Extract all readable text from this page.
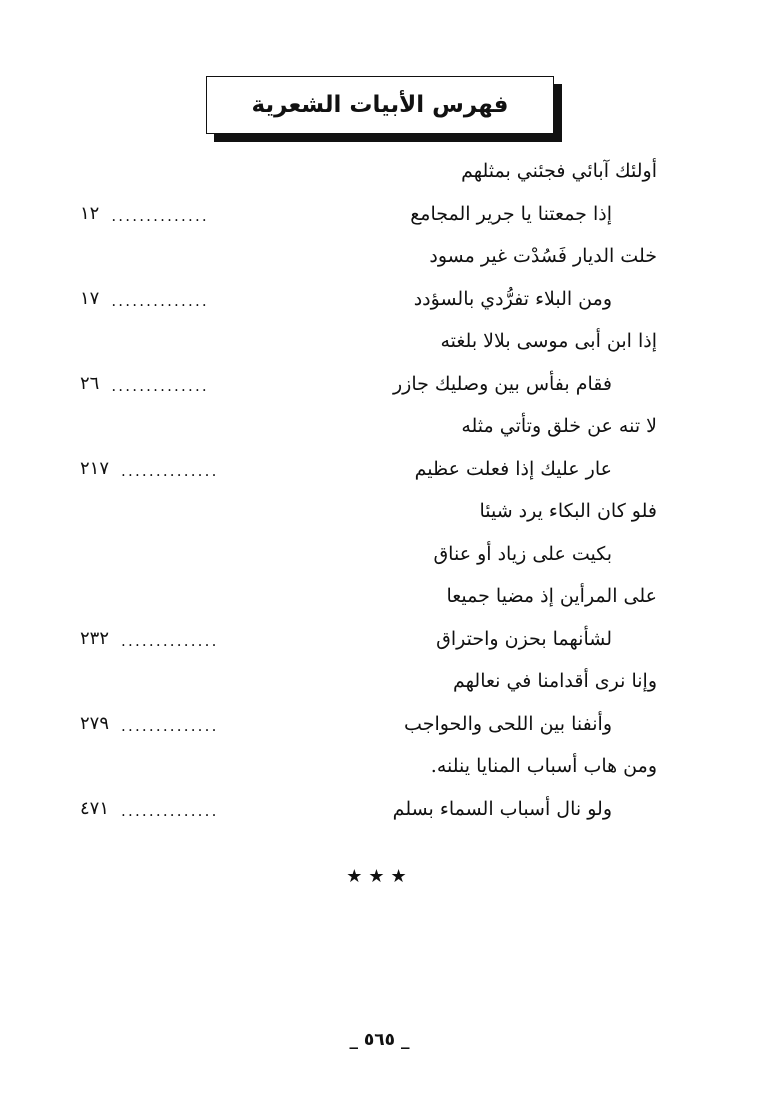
فهرس الأبيات الشعرية
أولئك آبائي فجئني بمثلهم
إذا جمعتنا يا جرير المجامع
١٢ ..............
خلت الديار فَسُدْت غير مسود
ومن البلاء تفرُّدي بالسؤدد
١٧ ..............
إذا ابن أبى موسى بلالا بلغته
فقام بفأس بين وصليك جازر
٢٦ ..............
لا تنه عن خلق وتأتي مثله
عار عليك إذا فعلت عظيم
٢١٧ ..............
فلو كان البكاء يرد شيئا
بكيت على زياد أو عناق
على المرأين إذ مضيا جميعا
لشأنهما بحزن واحتراق
٢٣٢ ..............
وإنا نرى أقدامنا في نعالهم
وأنفنا بين اللحى والحواجب
٢٧٩ ..............
ومن هاب أسباب المنايا ينلنه.
ولو نال أسباب السماء بسلم
٤٧١ ..............
★★★
_ ٥٦٥ _
